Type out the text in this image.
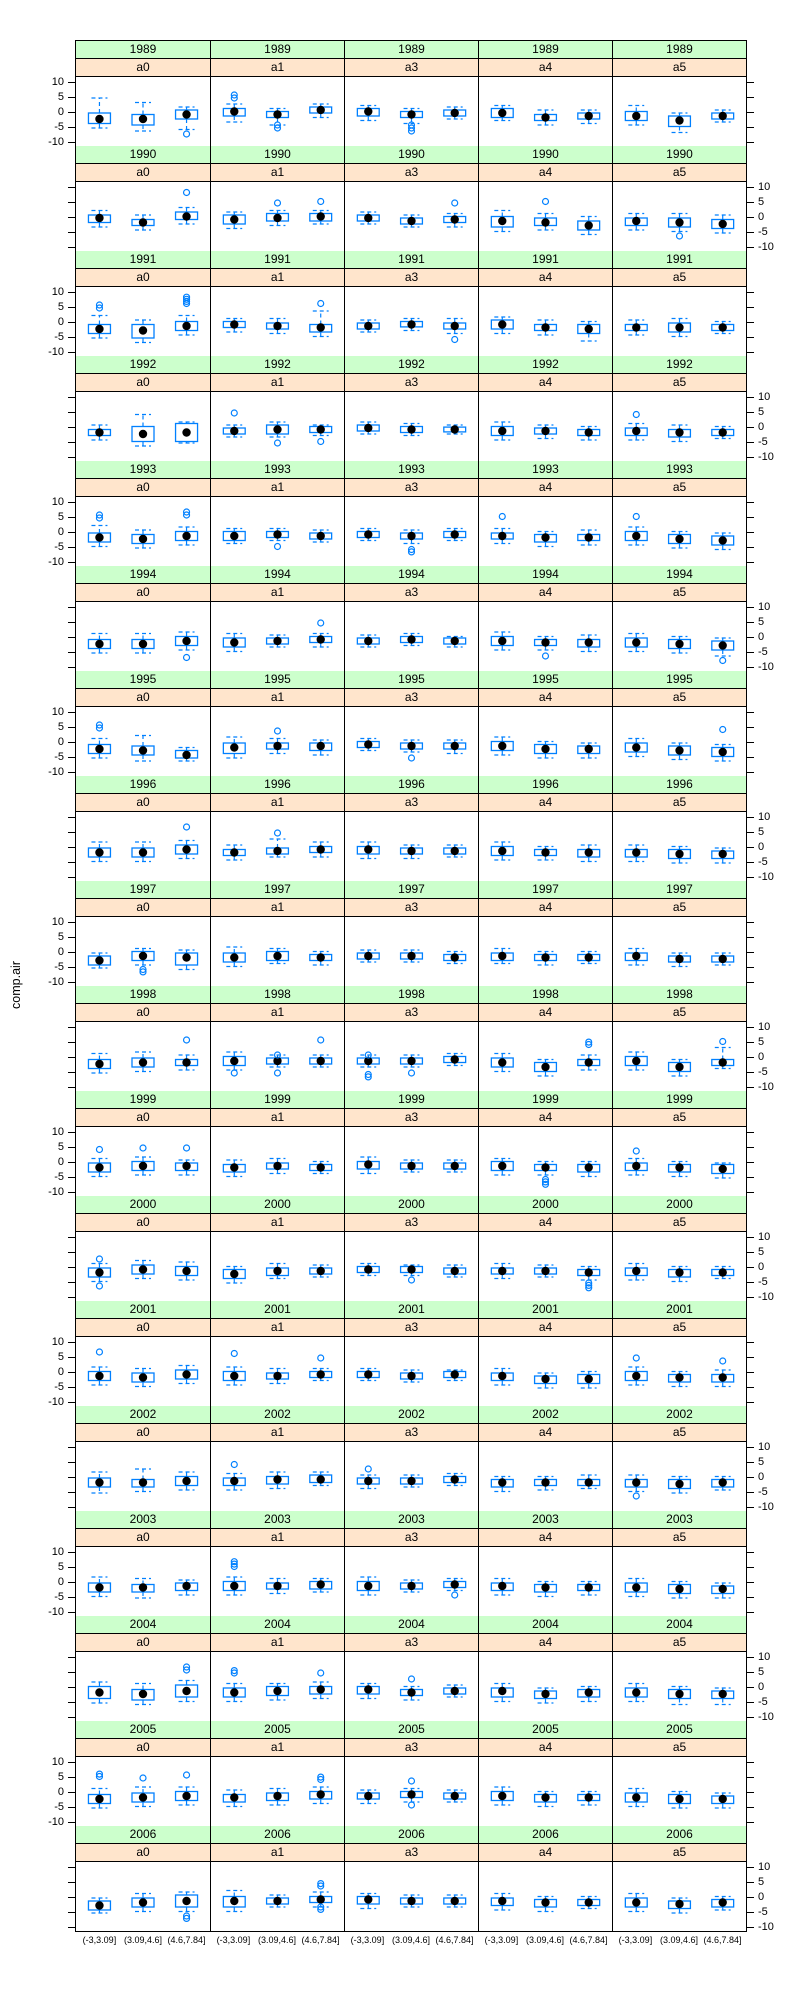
comp.air
1989
a0
1989
a1
1989
a3
1989
a4
1989
a5
1990
a0
1990
a1
1990
a3
1990
a4
1990
a5
1991
a0
1991
a1
1991
a3
1991
a4
1991
a5
1992
a0
1992
a1
1992
a3
1992
a4
1992
a5
1993
a0
1993
a1
1993
a3
1993
a4
1993
a5
1994
a0
1994
a1
1994
a3
1994
a4
1994
a5
1995
a0
1995
a1
1995
a3
1995
a4
1995
a5
1996
a0
1996
a1
1996
a3
1996
a4
1996
a5
1997
a0
1997
a1
1997
a3
1997
a4
1997
a5
1998
a0
1998
a1
1998
a3
1998
a4
1998
a5
1999
a0
1999
a1
1999
a3
1999
a4
1999
a5
2000
a0
2000
a1
2000
a3
2000
a4
2000
a5
2001
a0
2001
a1
2001
a3
2001
a4
2001
a5
2002
a0
2002
a1
2002
a3
2002
a4
2002
a5
2003
a0
2003
a1
2003
a3
2003
a4
2003
a5
2004
a0
2004
a1
2004
a3
2004
a4
2004
a5
2005
a0
2005
a1
2005
a3
2005
a4
2005
a5
2006
a0
2006
a1
2006
a3
2006
a4
2006
a5
10
5
0
-5
-10
10
5
0
-5
-10
10
5
0
-5
-10
10
5
0
-5
-10
10
5
0
-5
-10
10
5
0
-5
-10
10
5
0
-5
-10
10
5
0
-5
-10
10
5
0
-5
-10
10
5
0
-5
-10
10
5
0
-5
-10
10
5
0
-5
-10
10
5
0
-5
-10
10
5
0
-5
-10
10
5
0
-5
-10
10
5
0
-5
-10
10
5
0
-5
-10
10
5
0
-5
-10
(-3,3.09] (3.09,4.6] (4.6,7.84] (-3,3.09] (3.09,4.6] (4.6,7.84] (-3,3.09] (3.09,4.6] (4.6,7.84] (-3,3.09] (3.09,4.6] (4.6,7.84] (-3,3.09] (3.09,4.6] (4.6,7.84]
